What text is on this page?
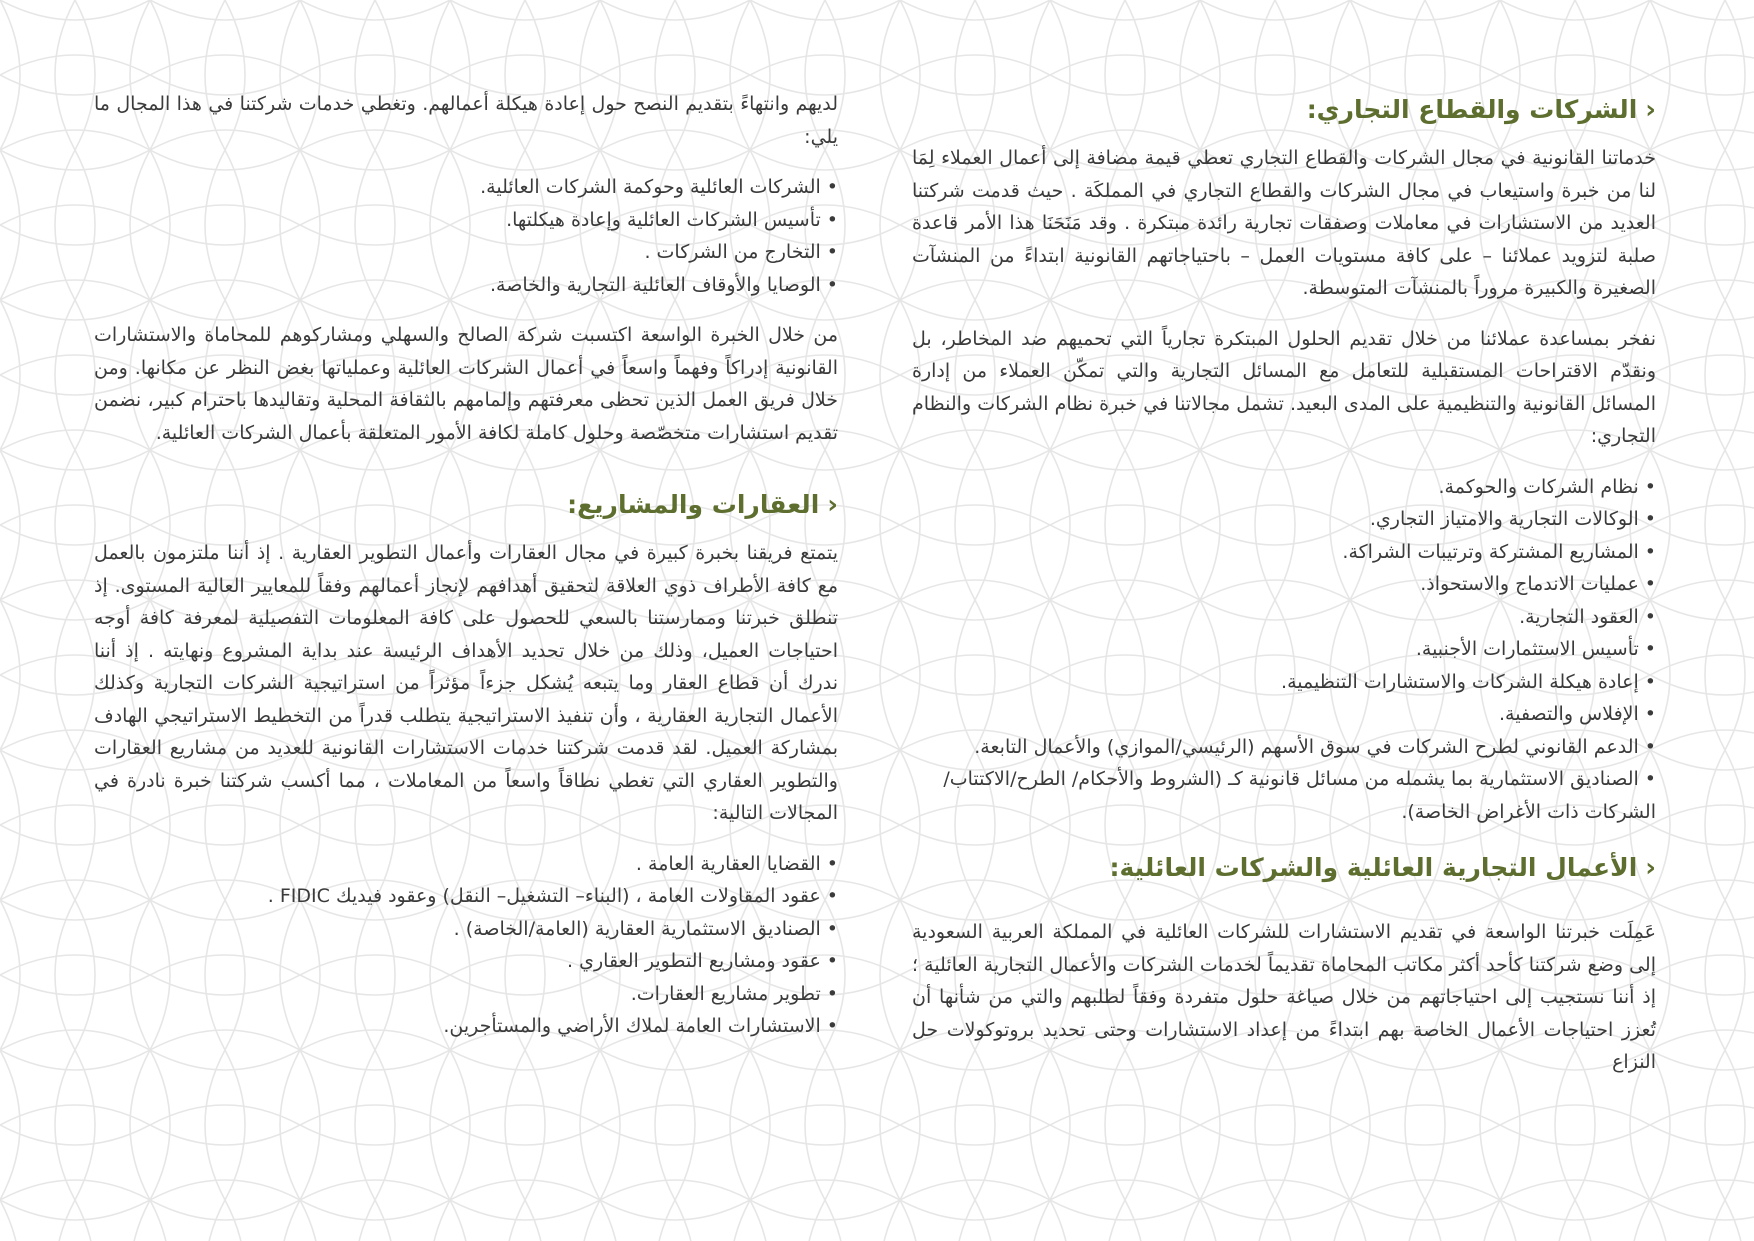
‹الشركات والقطاع التجاري:

خدماتنا القانونية في مجال الشركات والقطاع التجاري تعطي قيمة مضافة إلى أعمال العملاء لِمَا لنا من خبرة واستيعاب في مجال الشركات والقطاع التجاري في المملكَة . حيث قدمت شركتنا العديد من الاستشارات في معاملات وصفقات تجارية رائدة مبتكرة . وقد مَنَحَنَا هذا الأمر قاعدة صلبة لتزويد عملائنا – على كافة مستويات العمل – باحتياجاتهم القانونية ابتداءً من المنشآت الصغيرة والكبيرة مروراً بالمنشآت المتوسطة.

نفخر بمساعدة عملائنا من خلال تقديم الحلول المبتكرة تجارياً التي تحميهم ضد المخاطر، بل ونقدّم الاقتراحات المستقبلية للتعامل مع المسائل التجارية والتي تمكّن العملاء من إدارة المسائل القانونية والتنظيمية على المدى البعيد. تشمل مجالاتنا في خبرة نظام الشركات والنظام التجاري:

• نظام الشركات والحوكمة.
• الوكالات التجارية والامتياز التجاري.
• المشاريع المشتركة وترتيبات الشراكة.
• عمليات الاندماج والاستحواذ.
• العقود التجارية.
• تأسيس الاستثمارات الأجنبية.
• إعادة هيكلة الشركات والاستشارات التنظيمية.
• الإفلاس والتصفية.
• الدعم القانوني لطرح الشركات في سوق الأسهم (الرئيسي/الموازي) والأعمال التابعة.
• الصناديق الاستثمارية بما يشمله من مسائل قانونية كـ (الشروط والأحكام/ الطرح/الاكتتاب/الشركات ذات الأغراض الخاصة).
‹الأعمال التجارية العائلية والشركات العائلية:

عَمِلَت خبرتنا الواسعة في تقديم الاستشارات للشركات العائلية في المملكة العربية السعودية إلى وضع شركتنا كأحد أكثر مكاتب المحاماة تقديماً لخدمات الشركات والأعمال التجارية العائلية ؛ إذ أننا نستجيب إلى احتياجاتهم من خلال صياغة حلول متفردة وفقاً لطلبهم والتي من شأنها أن تُعزز احتياجات الأعمال الخاصة بهم ابتداءً من إعداد الاستشارات وحتى تحديد بروتوكولات حل النزاع

لديهم وانتهاءً بتقديم النصح حول إعادة هيكلة أعمالهم. وتغطي خدمات شركتنا في هذا المجال ما يلي:

• الشركات العائلية وحوكمة الشركات العائلية.
• تأسيس الشركات العائلية وإعادة هيكلتها.
• التخارج من الشركات .
• الوصايا والأوقاف العائلية التجارية والخاصة.

من خلال الخبرة الواسعة اكتسبت شركة الصالح والسهلي ومشاركوهم للمحاماة والاستشارات القانونية إدراكاً وفهماً واسعاً في أعمال الشركات العائلية وعملياتها بغض النظر عن مكانها. ومن خلال فريق العمل الذين تحظى معرفتهم وإلمامهم بالثقافة المحلية وتقاليدها باحترام كبير، نضمن تقديم استشارات متخصّصة وحلول كاملة لكافة الأمور المتعلقة بأعمال الشركات العائلية.

‹العقارات والمشاريع:

يتمتع فريقنا بخبرة كبيرة في مجال العقارات وأعمال التطوير العقارية . إذ أننا ملتزمون بالعمل مع كافة الأطراف ذوي العلاقة لتحقيق أهدافهم لإنجاز أعمالهم وفقاً للمعايير العالية المستوى. إذ تنطلق خبرتنا وممارستنا بالسعي للحصول على كافة المعلومات التفصيلية لمعرفة كافة أوجه احتياجات العميل، وذلك من خلال تحديد الأهداف الرئيسة عند بداية المشروع ونهايته . إذ أننا ندرك أن قطاع العقار وما يتبعه يُشكل جزءاً مؤثراً من استراتيجية الشركات التجارية وكذلك الأعمال التجارية العقارية ، وأن تنفيذ الاستراتيجية يتطلب قدراً من التخطيط الاستراتيجي الهادف بمشاركة العميل. لقد قدمت شركتنا خدمات الاستشارات القانونية للعديد من مشاريع العقارات والتطوير العقاري التي تغطي نطاقاً واسعاً من المعاملات ، مما أكسب شركتنا خبرة نادرة في المجالات التالية:

• القضايا العقارية العامة .
• عقود المقاولات العامة ، (البناء– التشغيل– النقل) وعقود فيديك FIDIC .
• الصناديق الاستثمارية العقارية (العامة/الخاصة) .
• عقود ومشاريع التطوير العقاري .
• تطوير مشاريع العقارات.
• الاستشارات العامة لملاك الأراضي والمستأجرين.
